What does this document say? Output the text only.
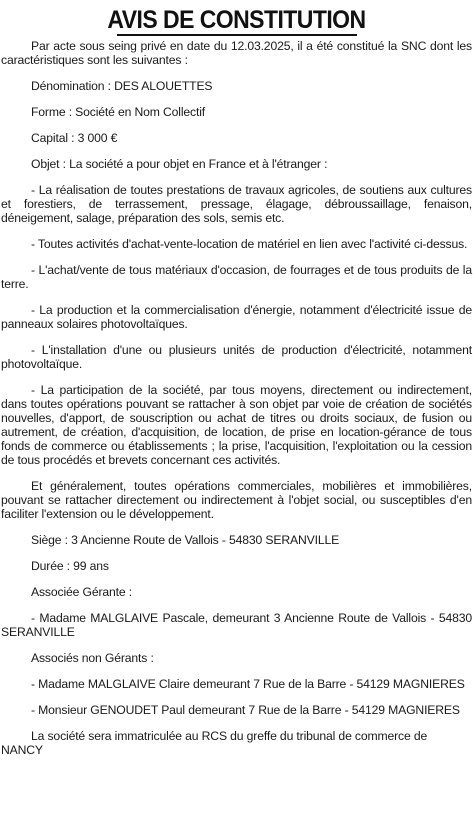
AVIS DE CONSTITUTION

Par acte sous seing privé en date du 12.03.2025, il a été constitué la SNC dont les caractéristiques sont les suivantes :

Dénomination : DES ALOUETTES

Forme : Société en Nom Collectif

Capital : 3 000 €

Objet : La société a pour objet en France et à l'étranger :

- La réalisation de toutes prestations de travaux agricoles, de soutiens aux cultures et forestiers, de terrassement, pressage, élagage, débroussaillage, fenaison, déneigement, salage, préparation des sols, semis etc.

- Toutes activités d'achat-vente-location de matériel en lien avec l'activité ci-dessus.

- L'achat/vente de tous matériaux d'occasion, de fourrages et de tous produits de la terre.

- La production et la commercialisation d'énergie, notamment d'électricité issue de panneaux solaires photovoltaïques.

- L'installation d'une ou plusieurs unités de production d'électricité, notamment photovoltaïque.

- La participation de la société, par tous moyens, directement ou indirectement, dans toutes opérations pouvant se rattacher à son objet par voie de création de sociétés nouvelles, d'apport, de souscription ou achat de titres ou droits sociaux, de fusion ou autrement, de création, d'acquisition, de location, de prise en location-gérance de tous fonds de commerce ou établissements ; la prise, l'acquisition, l'exploitation ou la cession de tous procédés et brevets concernant ces activités.

Et généralement, toutes opérations commerciales, mobilières et immobilières, pouvant se rattacher directement ou indirectement à l'objet social, ou susceptibles d'en faciliter l'extension ou le développement.

Siège : 3 Ancienne Route de Vallois - 54830 SERANVILLE

Durée : 99 ans

Associée Gérante :

- Madame MALGLAIVE Pascale, demeurant 3 Ancienne Route de Vallois - 54830 SERANVILLE

Associés non Gérants :

- Madame MALGLAIVE Claire demeurant 7 Rue de la Barre - 54129 MAGNIERES

- Monsieur GENOUDET Paul demeurant 7 Rue de la Barre - 54129 MAGNIERES

La société sera immatriculée au RCS du greffe du tribunal de commerce de NANCY
